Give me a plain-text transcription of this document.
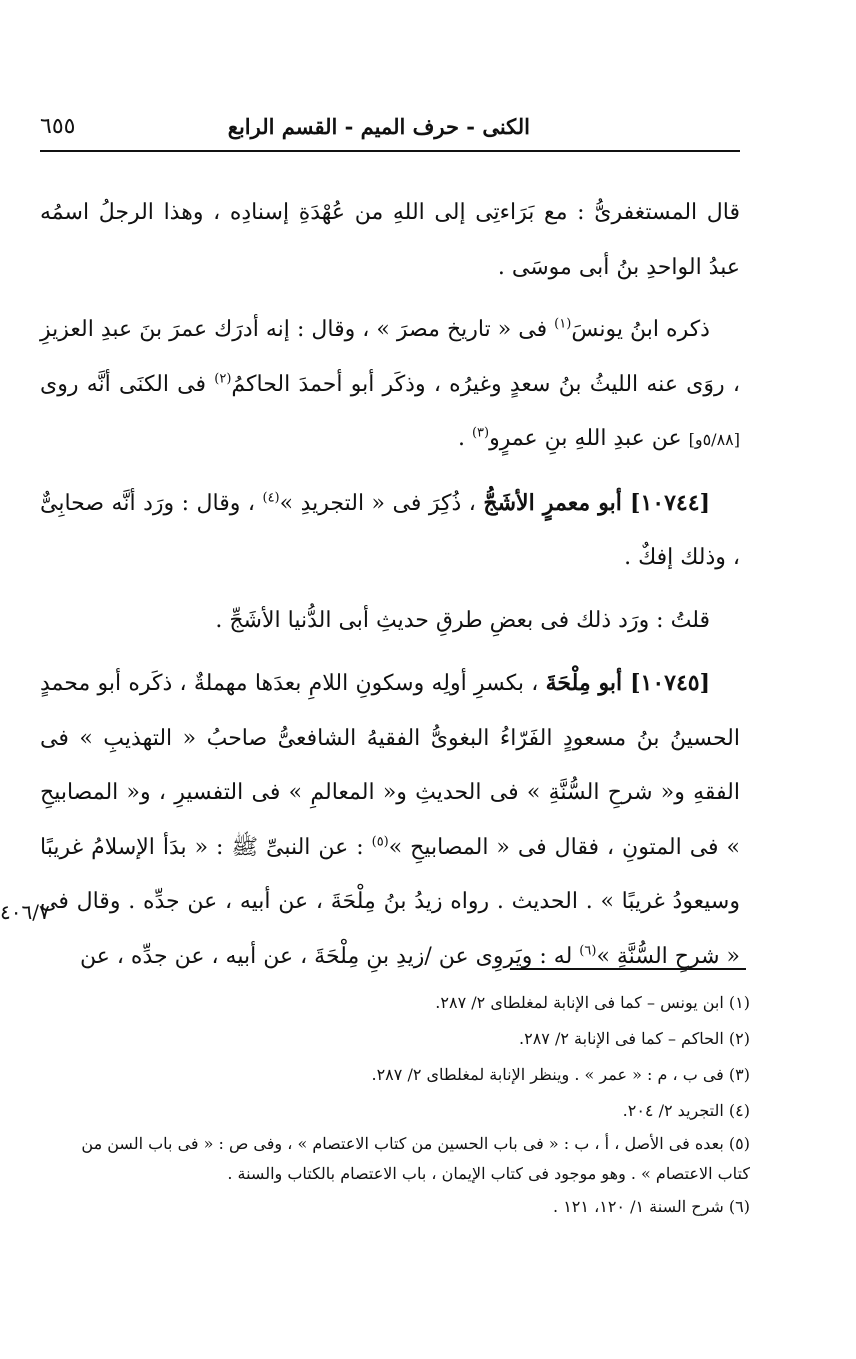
الكنى - حرف الميم - القسم الرابع
٦٥٥

قال المستغفرىُّ : مع بَرَاءتِى إلى اللهِ من عُهْدَةِ إسنادِه ، وهذا الرجلُ اسمُه عبدُ الواحدِ بنُ أبى موسَى .

ذكره ابنُ يونسَ$^{(١)}$ فى « تاريخ مصرَ » ، وقال : إنه أدرَك عمرَ بنَ عبدِ العزيزِ ، روَى عنه الليثُ بنُ سعدٍ وغيرُه ، وذكَر أبو أحمدَ الحاكمُ$^{(٢)}$ فى الكنَى أنَّه روى [٥/٨٨و] عن عبدِ اللهِ بنِ عمرٍو$^{(٣)}$ .

[١٠٧٤٤] أبو معمرٍ الأشَجُّ ، ذُكِرَ فى « التجريدِ »$^{(٤)}$ ، وقال : ورَد أنَّه صحابِىٌّ ، وذلك إفكٌ .

قلتُ : ورَد ذلك فى بعضِ طرقِ حديثِ أبى الدُّنيا الأشَجِّ .

[١٠٧٤٥] أبو مِلْحَةَ ، بكسرِ أولِه وسكونِ اللامِ بعدَها مهملةٌ ، ذكَره أبو محمدٍ الحسينُ بنُ مسعودٍ الفَرّاءُ البغوىُّ الفقيهُ الشافعىُّ صاحبُ « التهذيبِ » فى الفقهِ و« شرحِ السُّنَّةِ » فى الحديثِ و« المعالمِ » فى التفسيرِ ، و« المصابيحِ » فى المتونِ ، فقال فى « المصابيحِ »$^{(٥)}$ : عن النبىِّ ﷺ : « بدَأ الإسلامُ غريبًا وسيعودُ غريبًا » . الحديث . رواه زيدُ بنُ مِلْحَةَ ، عن أبيه ، عن جدِّه . وقال فى « شرحِ السُّنَّةِ »$^{(٦)}$ له : ويَروِى عن /زيدِ بنِ مِلْحَةَ ، عن أبيه ، عن جدِّه ، عن

٤٠٦/٧

(١) ابن يونس – كما فى الإنابة لمغلطاى ٢/ ٢٨٧.

(٢) الحاكم – كما فى الإنابة ٢/ ٢٨٧.

(٣) فى ب ، م : « عمر » . وينظر الإنابة لمغلطاى ٢/ ٢٨٧.

(٤) التجريد ٢/ ٢٠٤.

(٥) بعده فى الأصل ، أ ، ب : « فى باب الحسين من كتاب الاعتصام » ، وفى ص : « فى باب السن من

كتاب الاعتصام » . وهو موجود فى كتاب الإيمان ، باب الاعتصام بالكتاب والسنة .

(٦) شرح السنة ١/ ١٢٠، ١٢١ .
